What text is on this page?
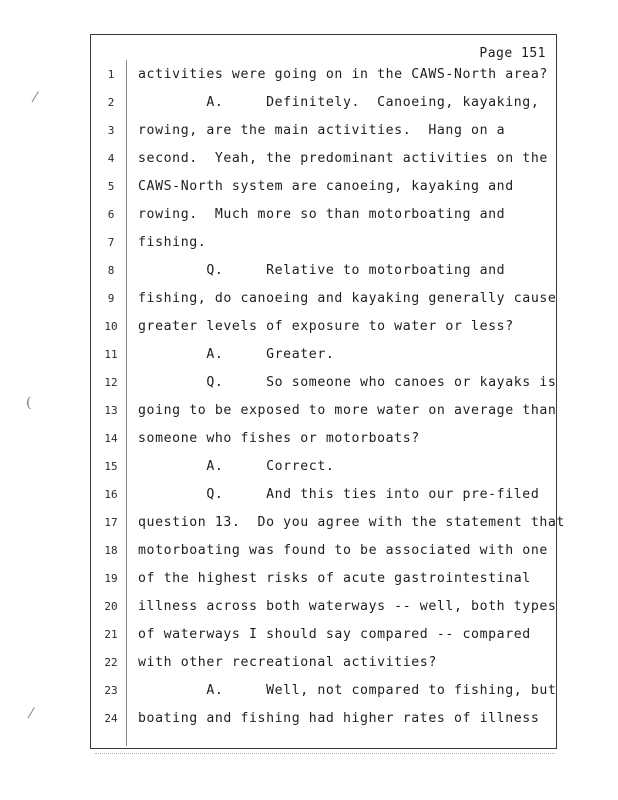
Page 151
⁄
(
⁄
1	activities were going on in the CAWS-North area?
2	A.     Definitely.  Canoeing, kayaking,
3	rowing, are the main activities.  Hang on a
4	second.  Yeah, the predominant activities on the
5	CAWS-North system are canoeing, kayaking and
6	rowing.  Much more so than motorboating and
7	fishing.
8	Q.     Relative to motorboating and
9	fishing, do canoeing and kayaking generally cause
10 greater levels of exposure to water or less?
11 A.     Greater.
12 Q.     So someone who canoes or kayaks is
13 going to be exposed to more water on average than
14 someone who fishes or motorboats?
15 A.     Correct.
16 Q.     And this ties into our pre-filed
17 question 13.  Do you agree with the statement that
18 motorboating was found to be associated with one
19 of the highest risks of acute gastrointestinal
20 illness across both waterways -- well, both types
21 of waterways I should say compared -- compared
22 with other recreational activities?
23 A.     Well, not compared to fishing, but
24 boating and fishing had higher rates of illness
